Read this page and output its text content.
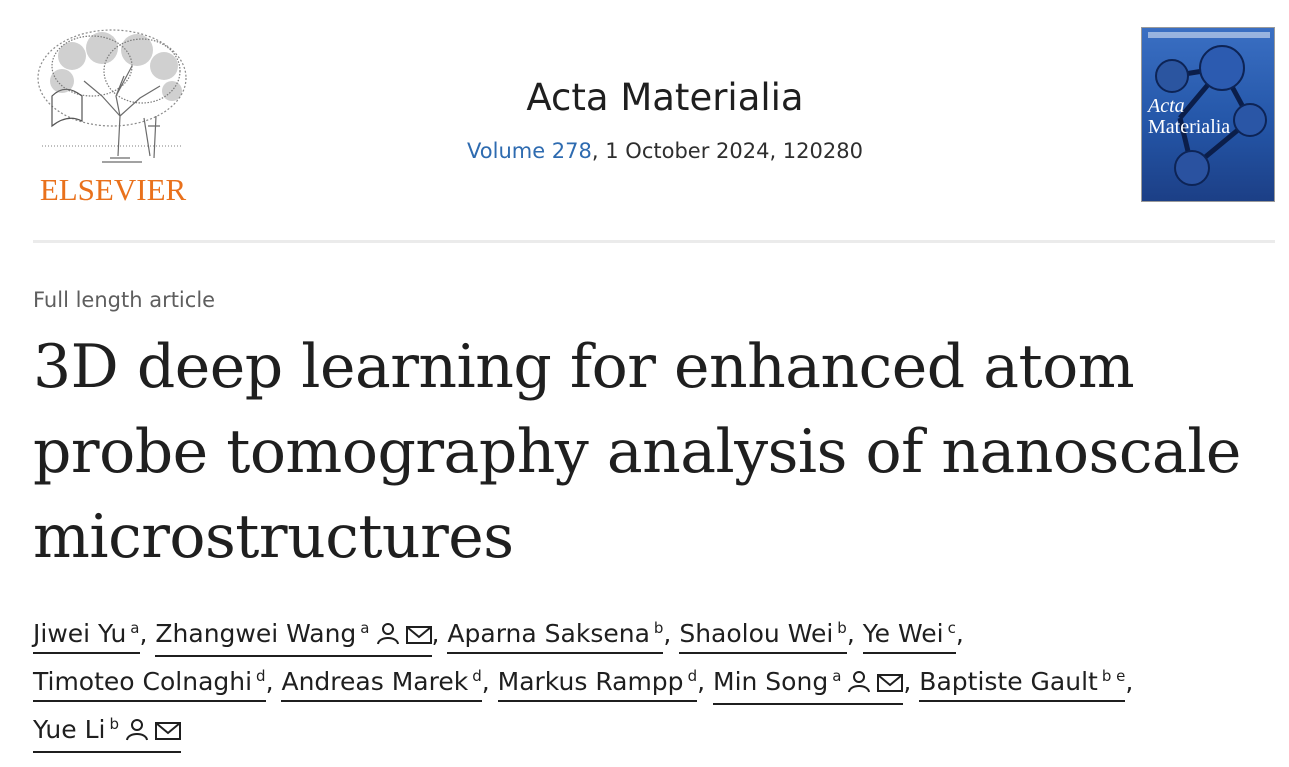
ELSEVIER
Acta Materialia
Volume 278, 1 October 2024, 120280
Acta
Materialia
Full length article
3D deep learning for enhanced atom
probe tomography analysis of nanoscale
microstructures
Jiwei Yu $^a$, Zhangwei Wang $^a$ , Aparna Saksena $^b$, Shaolou Wei $^b$, Ye Wei $^c$,
Timoteo Colnaghi $^d$, Andreas Marek $^d$, Markus Rampp $^d$, Min Song $^a$ , Baptiste Gault $^{b e}$,
Yue Li $^b$
